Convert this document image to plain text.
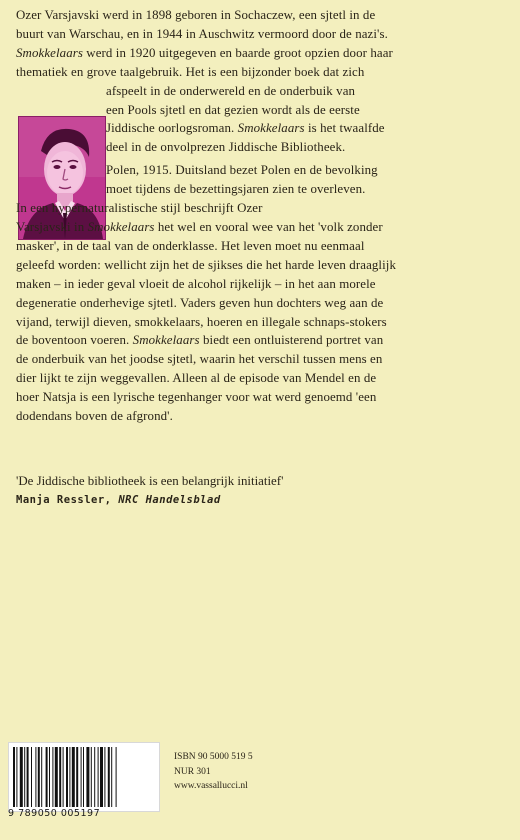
Ozer Varsjavski werd in 1898 geboren in Sochaczew, een sjtetl in de

buurt van Warschau, en in 1944 in Auschwitz vermoord door de nazi's.

Smokkelaars werd in 1920 uitgegeven en baarde groot opzien door haar

thematiek en grove taalgebruik. Het is een bijzonder boek dat zich

afspeelt in de onderwereld en de onderbuik van

een Pools sjtetl en dat gezien wordt als de eerste

Jiddische oorlogsroman. Smokkelaars is het twaalfde

deel in de onvolprezen Jiddische Bibliotheek.

Polen, 1915. Duitsland bezet Polen en de bevolking

moet tijdens de bezettingsjaren zien te overleven.

In een hypernaturalistische stijl beschrijft Ozer

Varsjavski in Smokkelaars het wel en vooral wee van het 'volk zonder

masker', in de taal van de onderklasse. Het leven moet nu eenmaal

geleefd worden: wellicht zijn het de sjikses die het harde leven draaglijk

maken – in ieder geval vloeit de alcohol rijkelijk – in het aan morele

degeneratie onderhevige sjtetl. Vaders geven hun dochters weg aan de

vijand, terwijl dieven, smokkelaars, hoeren en illegale schnaps-stokers

de boventoon voeren. Smokkelaars biedt een ontluisterend portret van

de onderbuik van het joodse sjtetl, waarin het verschil tussen mens en

dier lijkt te zijn weggevallen. Alleen al de episode van Mendel en de

hoer Natsja is een lyrische tegenhanger voor wat werd genoemd 'een

dodendans boven de afgrond'.

'De Jiddische bibliotheek is een belangrijk initiatief'

Manja Ressler, NRC Handelsblad

9 789050 005197
ISBN 90 5000 519 5
NUR 301
www.vassallucci.nl
